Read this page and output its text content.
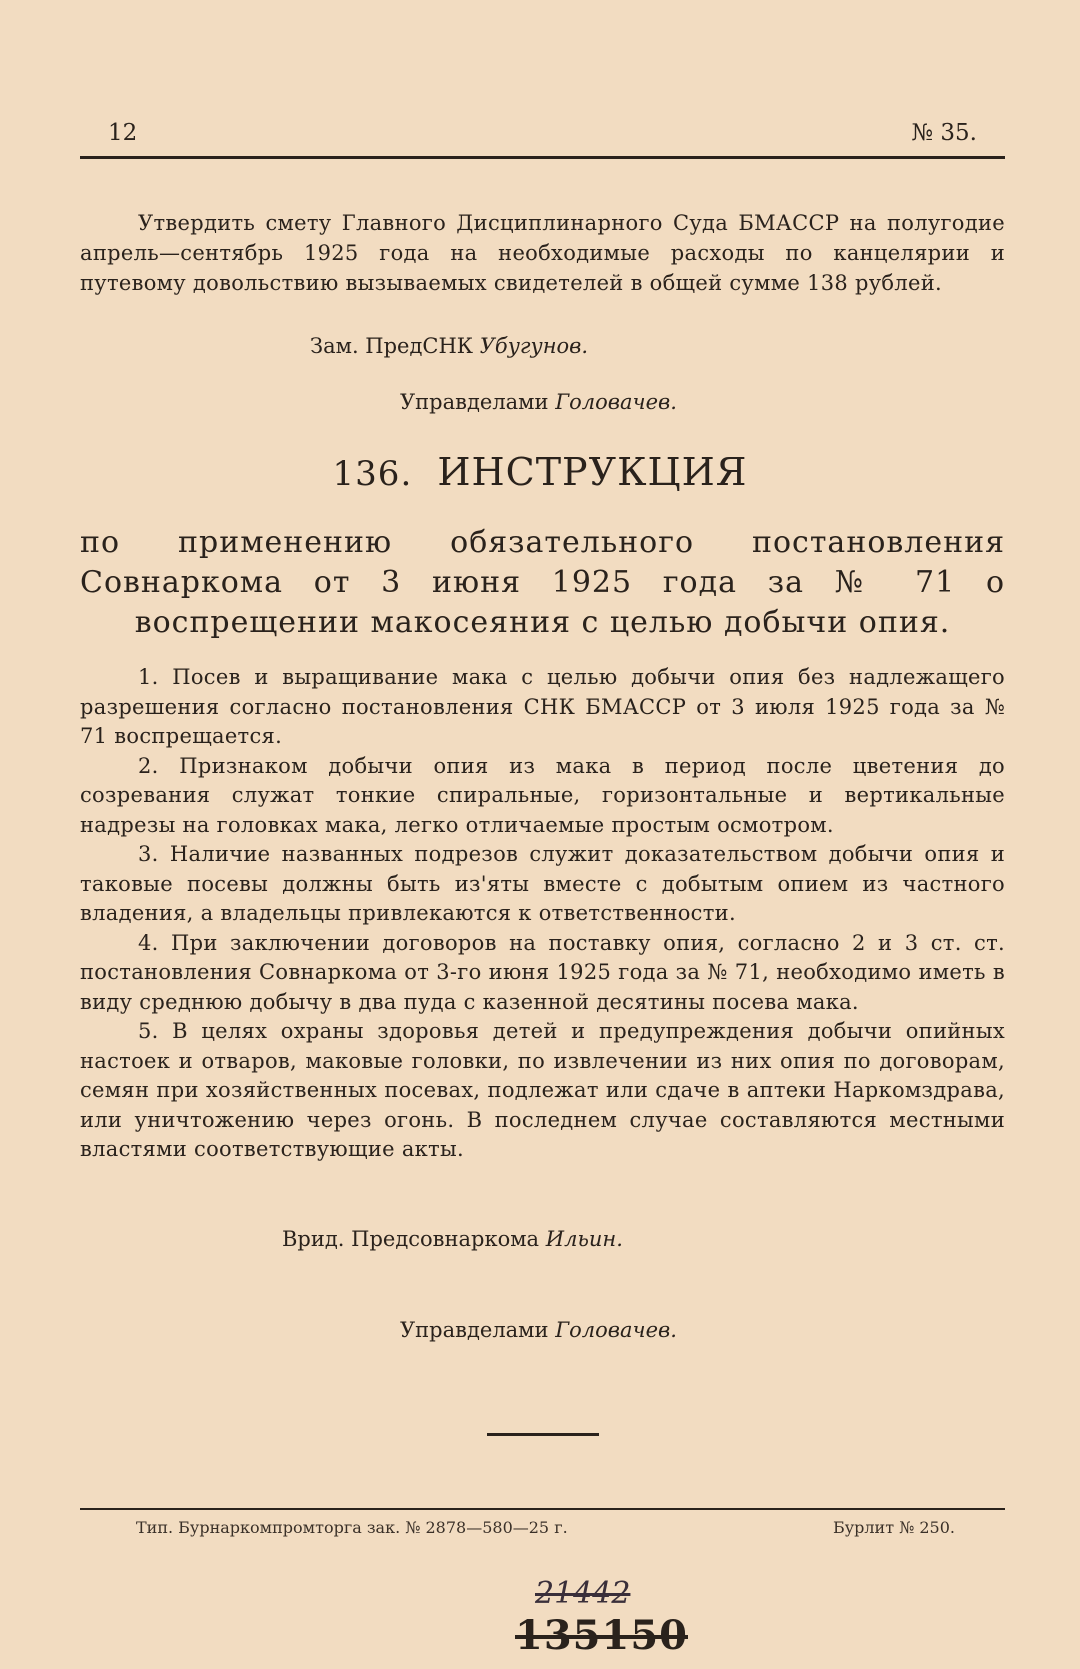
12	№ 35.

Утвердить смету Главного Дисциплинарного Суда БМАССР на полугодие апрель—сентябрь 1925 года на необходимые расходы по канцелярии и путевому довольствию вызываемых свидетелей в общей сумме 138 рублей.

Зам. ПредСНК Убугунов.
Управделами Головачев.
136. ИНСТРУКЦИЯ
по применению обязательного постановления Совнаркома от 3 июня 1925 года за № 71 о воспрещении макосеяния с целью добычи опия.

1. Посев и выращивание мака с целью добычи опия без надлежащего разрешения согласно постановления СНК БМАССР от 3 июля 1925 года за № 71 воспрещается.

2. Признаком добычи опия из мака в период после цветения до созревания служат тонкие спиральные, горизонтальные и вертикальные надрезы на головках мака, легко отличаемые простым осмотром.

3. Наличие названных подрезов служит доказательством добычи опия и таковые посевы должны быть из'яты вместе с добытым опием из частного владения, а владельцы привлекаются к ответственности.

4. При заключении договоров на поставку опия, согласно 2 и 3 ст. ст. постановления Совнаркома от 3-го июня 1925 года за № 71, необходимо иметь в виду среднюю добычу в два пуда с казенной десятины посева мака.

5. В целях охраны здоровья детей и предупреждения добычи опийных настоек и отваров, маковые головки, по извлечении из них опия по договорам, семян при хозяйственных посевах, подлежат или сдаче в аптеки Наркомздрава, или уничтожению через огонь. В последнем случае составляются местными властями соответствующие акты.

Врид. Предсовнаркома Ильин.
Управделами Головачев.
Тип. Бурнаркомпромторга зак. № 2878—580—25 г.	Бурлит № 250.
21442
135150
